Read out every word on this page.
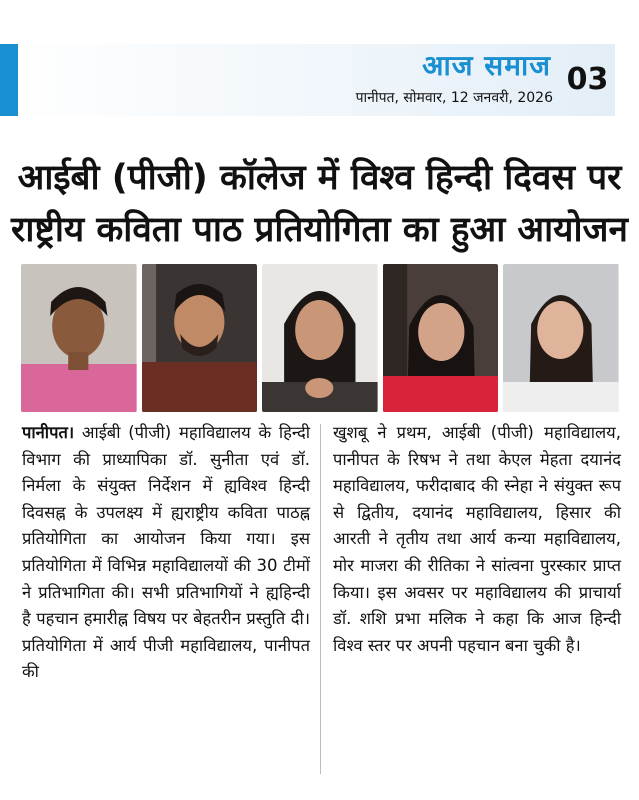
आज समाज
पानीपत, सोमवार, 12 जनवरी, 2026
03
आईबी (पीजी) कॉलेज में विश्व हिन्दी दिवस पर
राष्ट्रीय कविता पाठ प्रतियोगिता का हुआ आयोजन
पानीपत। आईबी (पीजी) महाविद्यालय के हिन्दी विभाग की प्राध्यापिका डॉ. सुनीता एवं डॉ. निर्मला के संयुक्त निर्देशन में ह्यविश्व हिन्दी दिवसह्न के उपलक्ष्य में ह्यराष्ट्रीय कविता पाठह्न प्रतियोगिता का आयोजन किया गया। इस प्रतियोगिता में विभिन्न महाविद्यालयों की 30 टीमों ने प्रतिभागिता की। सभी प्रतिभागियों ने ह्यहिन्दी है पहचान हमारीह्न विषय पर बेहतरीन प्रस्तुति दी। प्रतियोगिता में आर्य पीजी महाविद्यालय, पानीपत की
खुशबू ने प्रथम, आईबी (पीजी) महाविद्यालय, पानीपत के रिषभ ने तथा केएल मेहता दयानंद महाविद्यालय, फरीदाबाद की स्नेहा ने संयुक्त रूप से द्वितीय, दयानंद महाविद्यालय, हिसार की आरती ने तृतीय तथा आर्य कन्या महाविद्यालय, मोर माजरा की रीतिका ने सांत्वना पुरस्कार प्राप्त किया। इस अवसर पर महाविद्यालय की प्राचार्या डॉ. शशि प्रभा मलिक ने कहा कि आज हिन्दी विश्व स्तर पर अपनी पहचान बना चुकी है।
